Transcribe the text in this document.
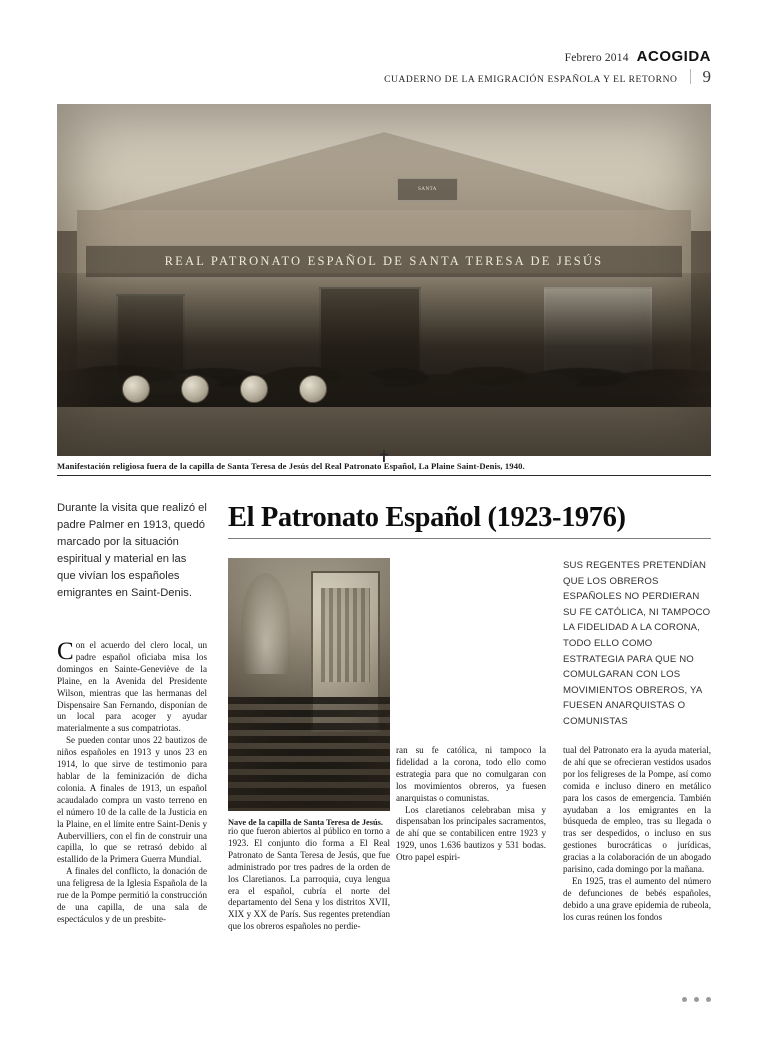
Febrero 2014 ACOGIDA
CUADERNO DE LA EMIGRACIÓN ESPAÑOLA Y EL RETORNO 9
SANTA
REAL PATRONATO ESPAÑOL DE SANTA TERESA DE JESÚS
✝
Manifestación religiosa fuera de la capilla de Santa Teresa de Jesús del Real Patronato Español, La Plaine Saint-Denis, 1940.
Durante la visita que realizó el padre Palmer en 1913, quedó marcado por la situación espiritual y material en las que vivían los españoles emigrantes en Saint-Denis.
El Patronato Español (1923-1976)
Nave de la capilla de Santa Teresa de Jesús.
SUS REGENTES PRETENDÍAN QUE LOS OBREROS ESPAÑOLES NO PERDIERAN SU FE CATÓLICA, NI TAMPOCO LA FIDELIDAD A LA CORONA, TODO ELLO COMO ESTRATEGIA PARA QUE NO COMULGARAN CON LOS MOVIMIENTOS OBREROS, YA FUESEN ANARQUISTAS O COMUNISTAS

Con el acuerdo del clero local, un padre español oficiaba misa los domingos en Sainte-Geneviève de la Plaine, en la Avenida del Presidente Wilson, mientras que las hermanas del Dispensaire San Fernando, disponían de un local para acoger y ayudar materialmente a sus compatriotas.

Se pueden contar unos 22 bautizos de niños españoles en 1913 y unos 23 en 1914, lo que sirve de testimonio para hablar de la feminización de dicha colonia. A finales de 1913, un español acaudalado compra un vasto terreno en el número 10 de la calle de la Justicia en la Plaine, en el límite entre Saint-Denis y Aubervilliers, con el fin de construir una capilla, lo que se retrasó debido al estallido de la Primera Guerra Mundial.

A finales del conflicto, la donación de una feligresa de la Iglesia Española de la rue de la Pompe permitió la construcción de una capilla, de una sala de espectáculos y de un presbite-

rio que fueron abiertos al público en torno a 1923. El conjunto dio forma a El Real Patronato de Santa Teresa de Jesús, que fue administrado por tres padres de la orden de los Claretianos. La parroquia, cuya lengua era el español, cubría el norte del departamento del Sena y los distritos XVII, XIX y XX de París. Sus regentes pretendían que los obreros españoles no perdie-

ran su fe católica, ni tampoco la fidelidad a la corona, todo ello como estrategia para que no comulgaran con los movimientos obreros, ya fuesen anarquistas o comunistas.

Los claretianos celebraban misa y dispensaban los principales sacramentos, de ahí que se contabilicen entre 1923 y 1929, unos 1.636 bautizos y 531 bodas. Otro papel espiri-

tual del Patronato era la ayuda material, de ahí que se ofrecieran vestidos usados por los feligreses de la Pompe, así como comida e incluso dinero en metálico para los casos de emergencia. También ayudaban a los emigrantes en la búsqueda de empleo, tras su llegada o tras ser despedidos, o incluso en sus gestiones burocráticas o jurídicas, gracias a la colaboración de un abogado parisino, cada domingo por la mañana.

En 1925, tras el aumento del número de defunciones de bebés españoles, debido a una grave epidemia de rubeola, los curas reúnen los fondos
